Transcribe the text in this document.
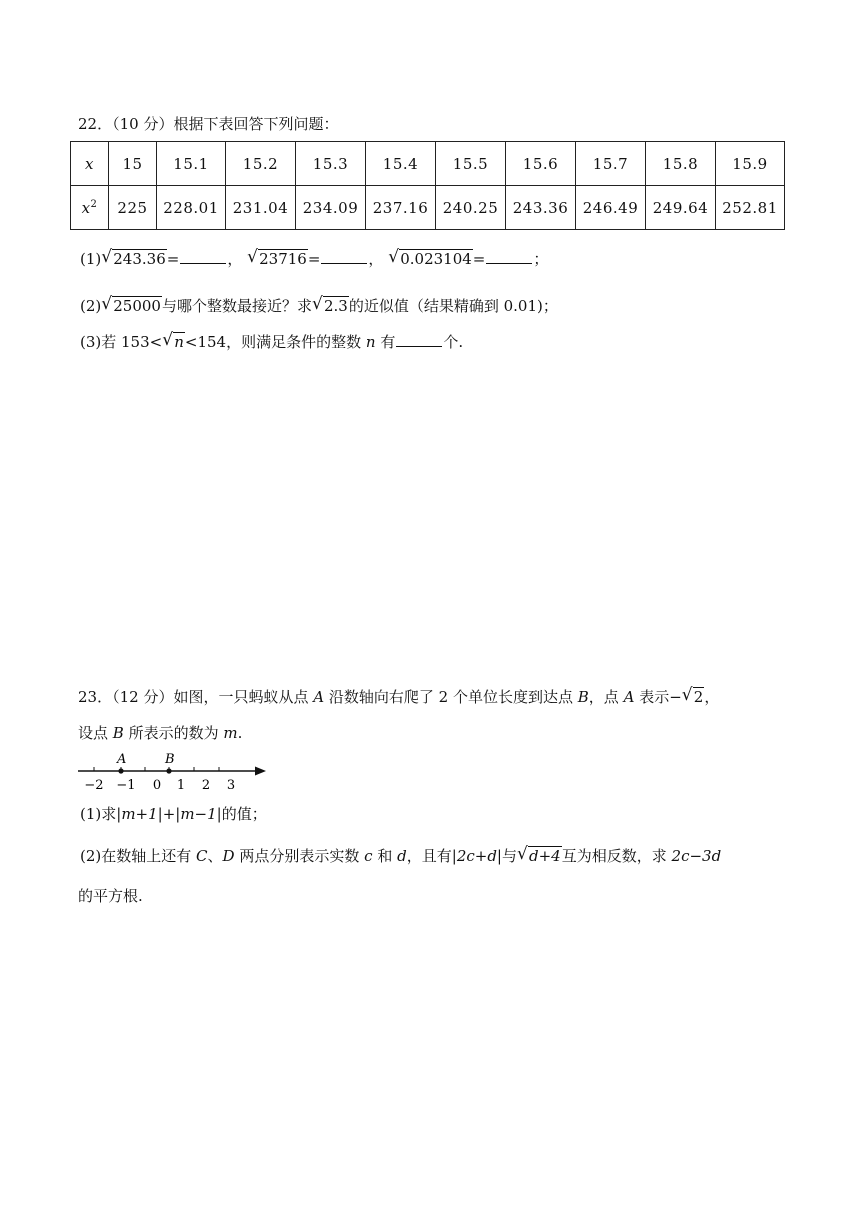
22．（10 分）根据下表回答下列问题：
x	15	15.1	15.2	15.3	15.4	15.5	15.6	15.7	15.8	15.9
$x^2$	225	228.01	231.04	234.09	237.16	240.25	243.36	246.49	249.64	252.81
(1) √ 243.36=	， √ 23716=	， √ 0.023104=	；
(2) √ 25000与哪个整数最接近？求 √ 2.3的近似值（结果精确到 0.01)；
(3)若 153< √ n<154，则满足条件的整数 n 有	个.
23．（12 分）如图，一只蚂蚁从点 A 沿数轴向右爬了 2 个单位长度到达点 B，点 A 表示− √ 2，
设点 B 所表示的数为 m.
A	B
−2 −1 0 1 2 3
(1)求|m+1|+|m−1|的值；
(2)在数轴上还有 C、D 两点分别表示实数 c 和 d，且有|2c+d|与 √ d+4互为相反数，求 2c−3d
的平方根.
